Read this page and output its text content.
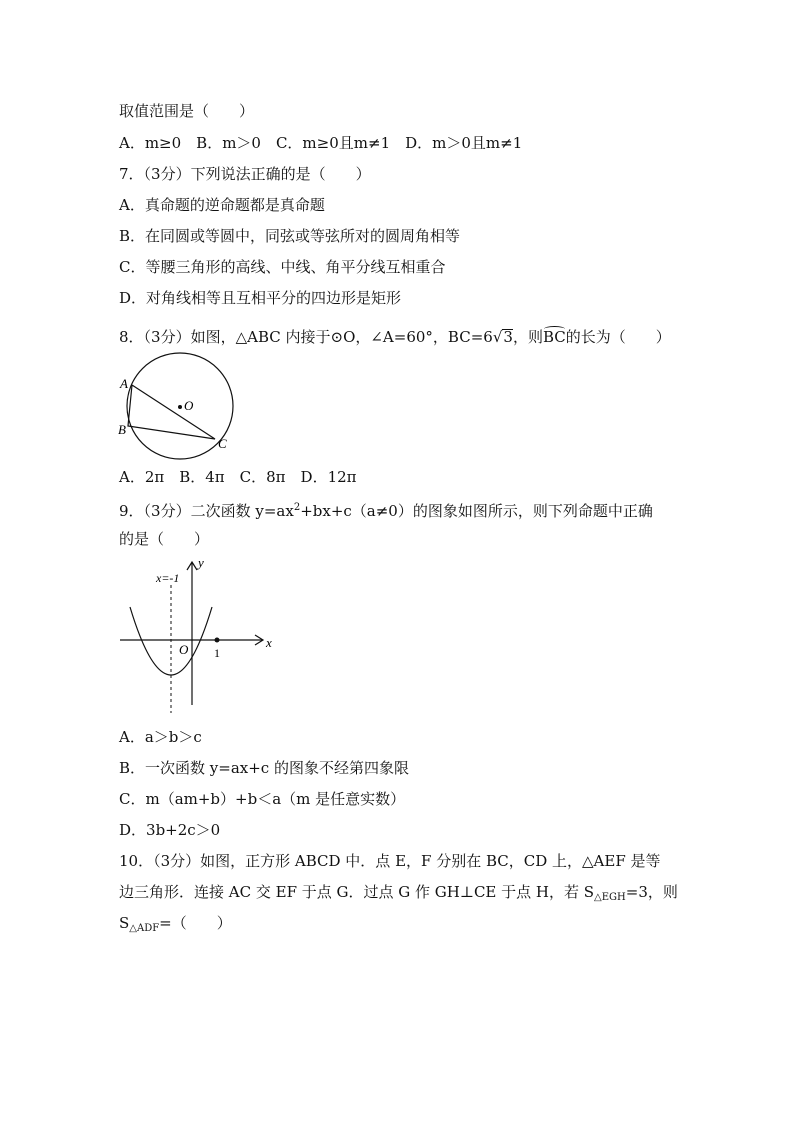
取值范围是（　　）
A．m≥0　B．m＞0　C．m≥0且m≠1　D．m＞0且m≠1
7．（3分）下列说法正确的是（　　）
A．真命题的逆命题都是真命题
B．在同圆或等圆中，同弦或等弦所对的圆周角相等
C．等腰三角形的高线、中线、角平分线互相重合
D．对角线相等且互相平分的四边形是矩形
8．（3分）如图，△ABC 内接于⊙O，∠A=60°，BC=6√3，则BC的长为（　　）
A
B
C
O
A．2π　B．4π　C．8π　D．12π
9．（3分）二次函数 $y=ax^2+bx+c(a\ne 0)$的图象如图所示，则下列命题中正确
的是（　　）
y
x
x=-1
O 1
A．a＞b＞c
B．一次函数 y=ax+c 的图象不经第四象限
C．m（am+b）+b＜a（m 是任意实数）
D．3b+2c＞0
10．（3分）如图，正方形 ABCD 中．点 E，F 分别在 BC，CD 上，△AEF 是等
边三角形．连接 AC 交 EF 于点 G．过点 G 作 GH⊥CE 于点 H，若 $S_{\triangle EGH}=3$，则
$S_{\triangle ADF}=$（　　）
